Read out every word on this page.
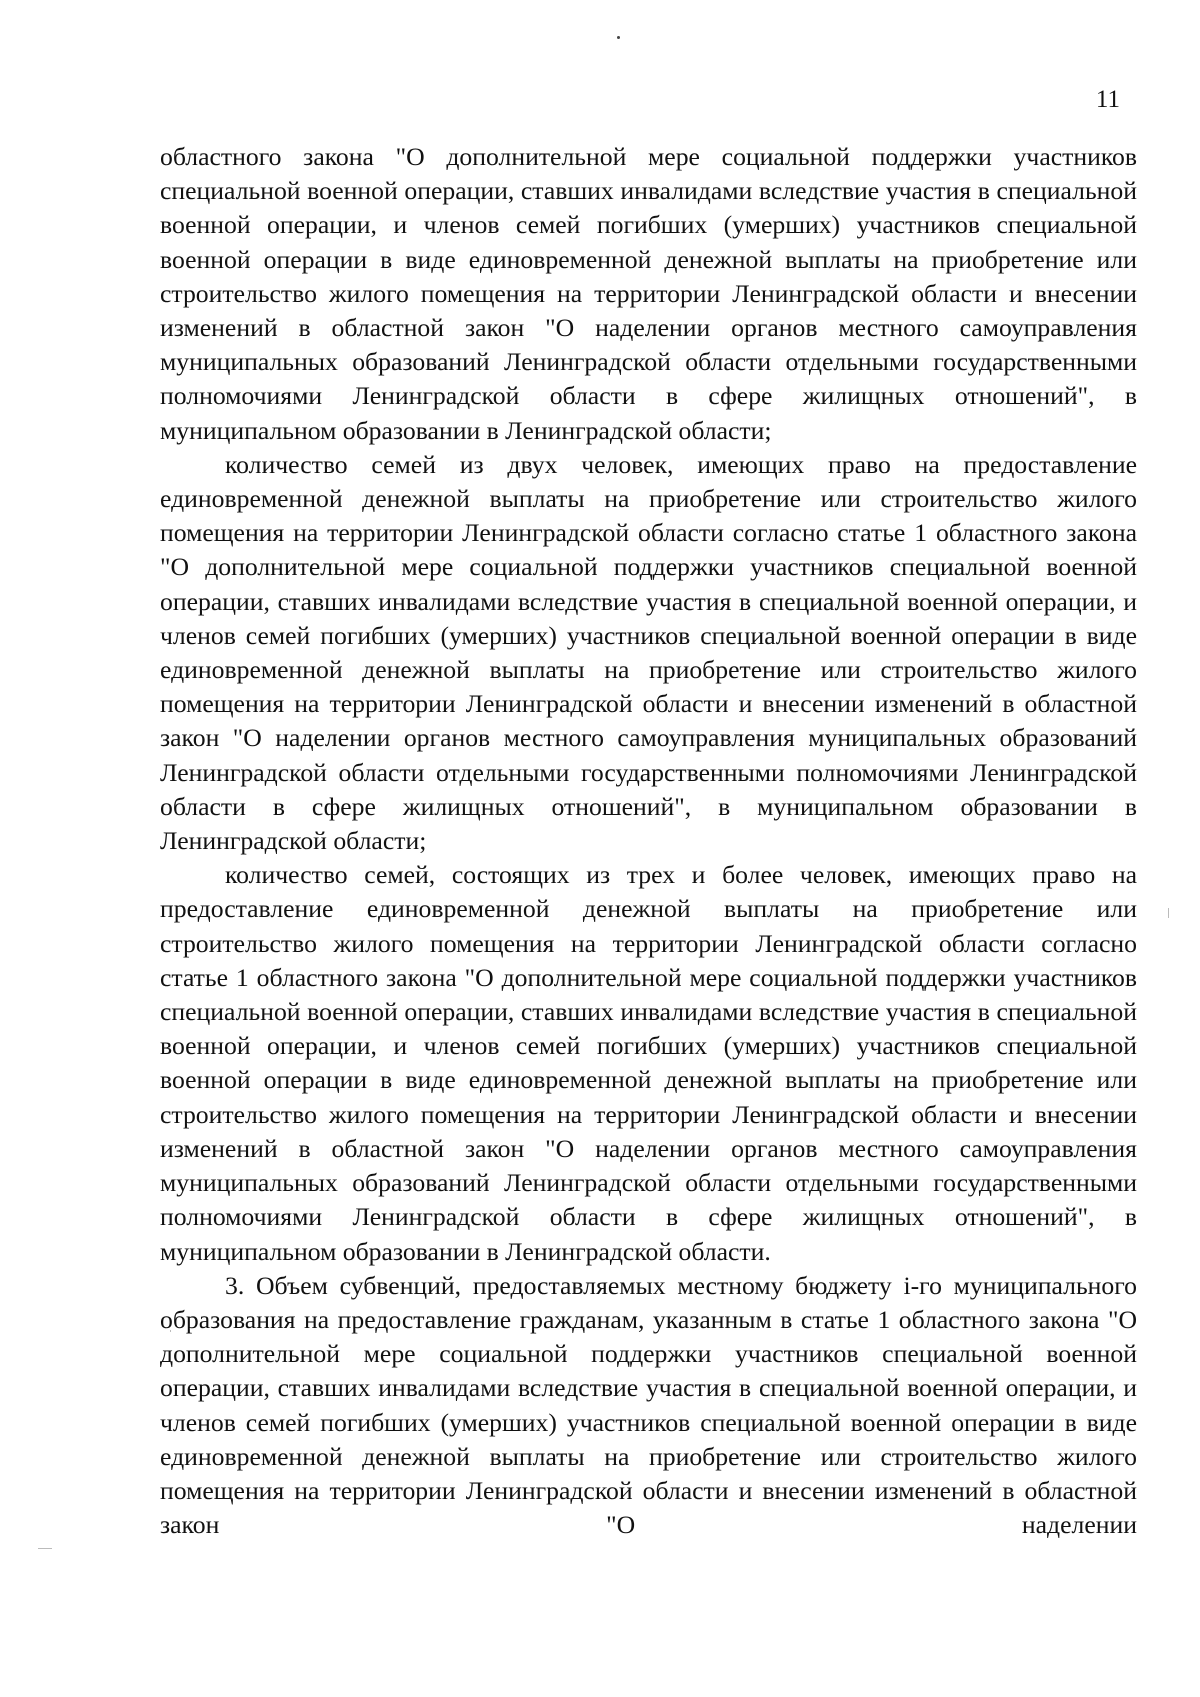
11

областного закона "О дополнительной мере социальной поддержки участников специальной военной операции, ставших инвалидами вследствие участия в специальной военной операции, и членов семей погибших (умерших) участников специальной военной операции в виде единовременной денежной выплаты на приобретение или строительство жилого помещения на территории Ленинградской области и внесении изменений в областной закон "О наделении органов местного самоуправления муниципальных образований Ленинградской области отдельными государственными полномочиями Ленинградской области в сфере жилищных отношений", в муниципальном образовании в Ленинградской области;

количество семей из двух человек, имеющих право на предоставление единовременной денежной выплаты на приобретение или строительство жилого помещения на территории Ленинградской области согласно статье 1 областного закона "О дополнительной мере социальной поддержки участников специальной военной операции, ставших инвалидами вследствие участия в специальной военной операции, и членов семей погибших (умерших) участников специальной военной операции в виде единовременной денежной выплаты на приобретение или строительство жилого помещения на территории Ленинградской области и внесении изменений в областной закон "О наделении органов местного самоуправления муниципальных образований Ленинградской области отдельными государственными полномочиями Ленинградской области в сфере жилищных отношений", в муниципальном образовании в Ленинградской области;

количество семей, состоящих из трех и более человек, имеющих право на предоставление единовременной денежной выплаты на приобретение или строительство жилого помещения на территории Ленинградской области согласно статье 1 областного закона "О дополнительной мере социальной поддержки участников специальной военной операции, ставших инвалидами вследствие участия в специальной военной операции, и членов семей погибших (умерших) участников специальной военной операции в виде единовременной денежной выплаты на приобретение или строительство жилого помещения на территории Ленинградской области и внесении изменений в областной закон "О наделении органов местного самоуправления муниципальных образований Ленинградской области отдельными государственными полномочиями Ленинградской области в сфере жилищных отношений", в муниципальном образовании в Ленинградской области.

3. Объем субвенций, предоставляемых местному бюджету i-го муниципального образования на предоставление гражданам, указанным в статье 1 областного закона "О дополнительной мере социальной поддержки участников специальной военной операции, ставших инвалидами вследствие участия в специальной военной операции, и членов семей погибших (умерших) участников специальной военной операции в виде единовременной денежной выплаты на приобретение или строительство жилого помещения на территории Ленинградской области и внесении изменений в областной закон "О наделении
